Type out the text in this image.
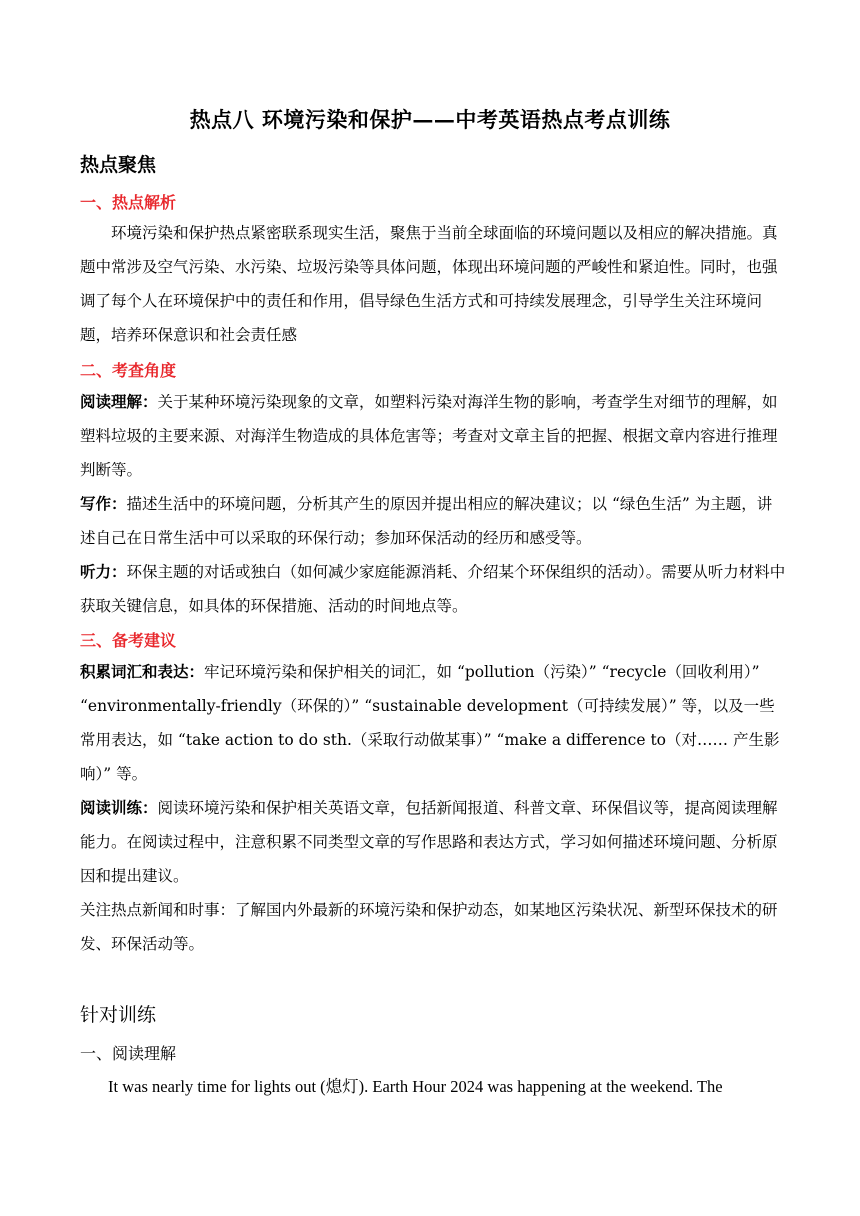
热点八 环境污染和保护——中考英语热点考点训练
热点聚焦
一、热点解析

环境污染和保护热点紧密联系现实生活，聚焦于当前全球面临的环境问题以及相应的解决措施。真题中常涉及空气污染、水污染、垃圾污染等具体问题，体现出环境问题的严峻性和紧迫性。同时，也强调了每个人在环境保护中的责任和作用，倡导绿色生活方式和可持续发展理念，引导学生关注环境问题，培养环保意识和社会责任感

二、考查角度

阅读理解：关于某种环境污染现象的文章，如塑料污染对海洋生物的影响，考查学生对细节的理解，如塑料垃圾的主要来源、对海洋生物造成的具体危害等；考查对文章主旨的把握、根据文章内容进行推理判断等。

写作：描述生活中的环境问题，分析其产生的原因并提出相应的解决建议；以 “绿色生活” 为主题，讲述自己在日常生活中可以采取的环保行动；参加环保活动的经历和感受等。

听力：环保主题的对话或独白（如何减少家庭能源消耗、介绍某个环保组织的活动）。需要从听力材料中获取关键信息，如具体的环保措施、活动的时间地点等。

三、备考建议

积累词汇和表达：牢记环境污染和保护相关的词汇，如 “pollution（污染）” “recycle（回收利用）” “environmentally-friendly（环保的）” “sustainable development（可持续发展）” 等，以及一些常用表达，如 “take action to do sth.（采取行动做某事）” “make a difference to（对…… 产生影响）” 等。

阅读训练：阅读环境污染和保护相关英语文章，包括新闻报道、科普文章、环保倡议等，提高阅读理解能力。在阅读过程中，注意积累不同类型文章的写作思路和表达方式，学习如何描述环境问题、分析原因和提出建议。

关注热点新闻和时事：了解国内外最新的环境污染和保护动态，如某地区污染状况、新型环保技术的研发、环保活动等。

针对训练
一、阅读理解
It was nearly time for lights out (熄灯). Earth Hour 2024 was happening at the weekend. The
